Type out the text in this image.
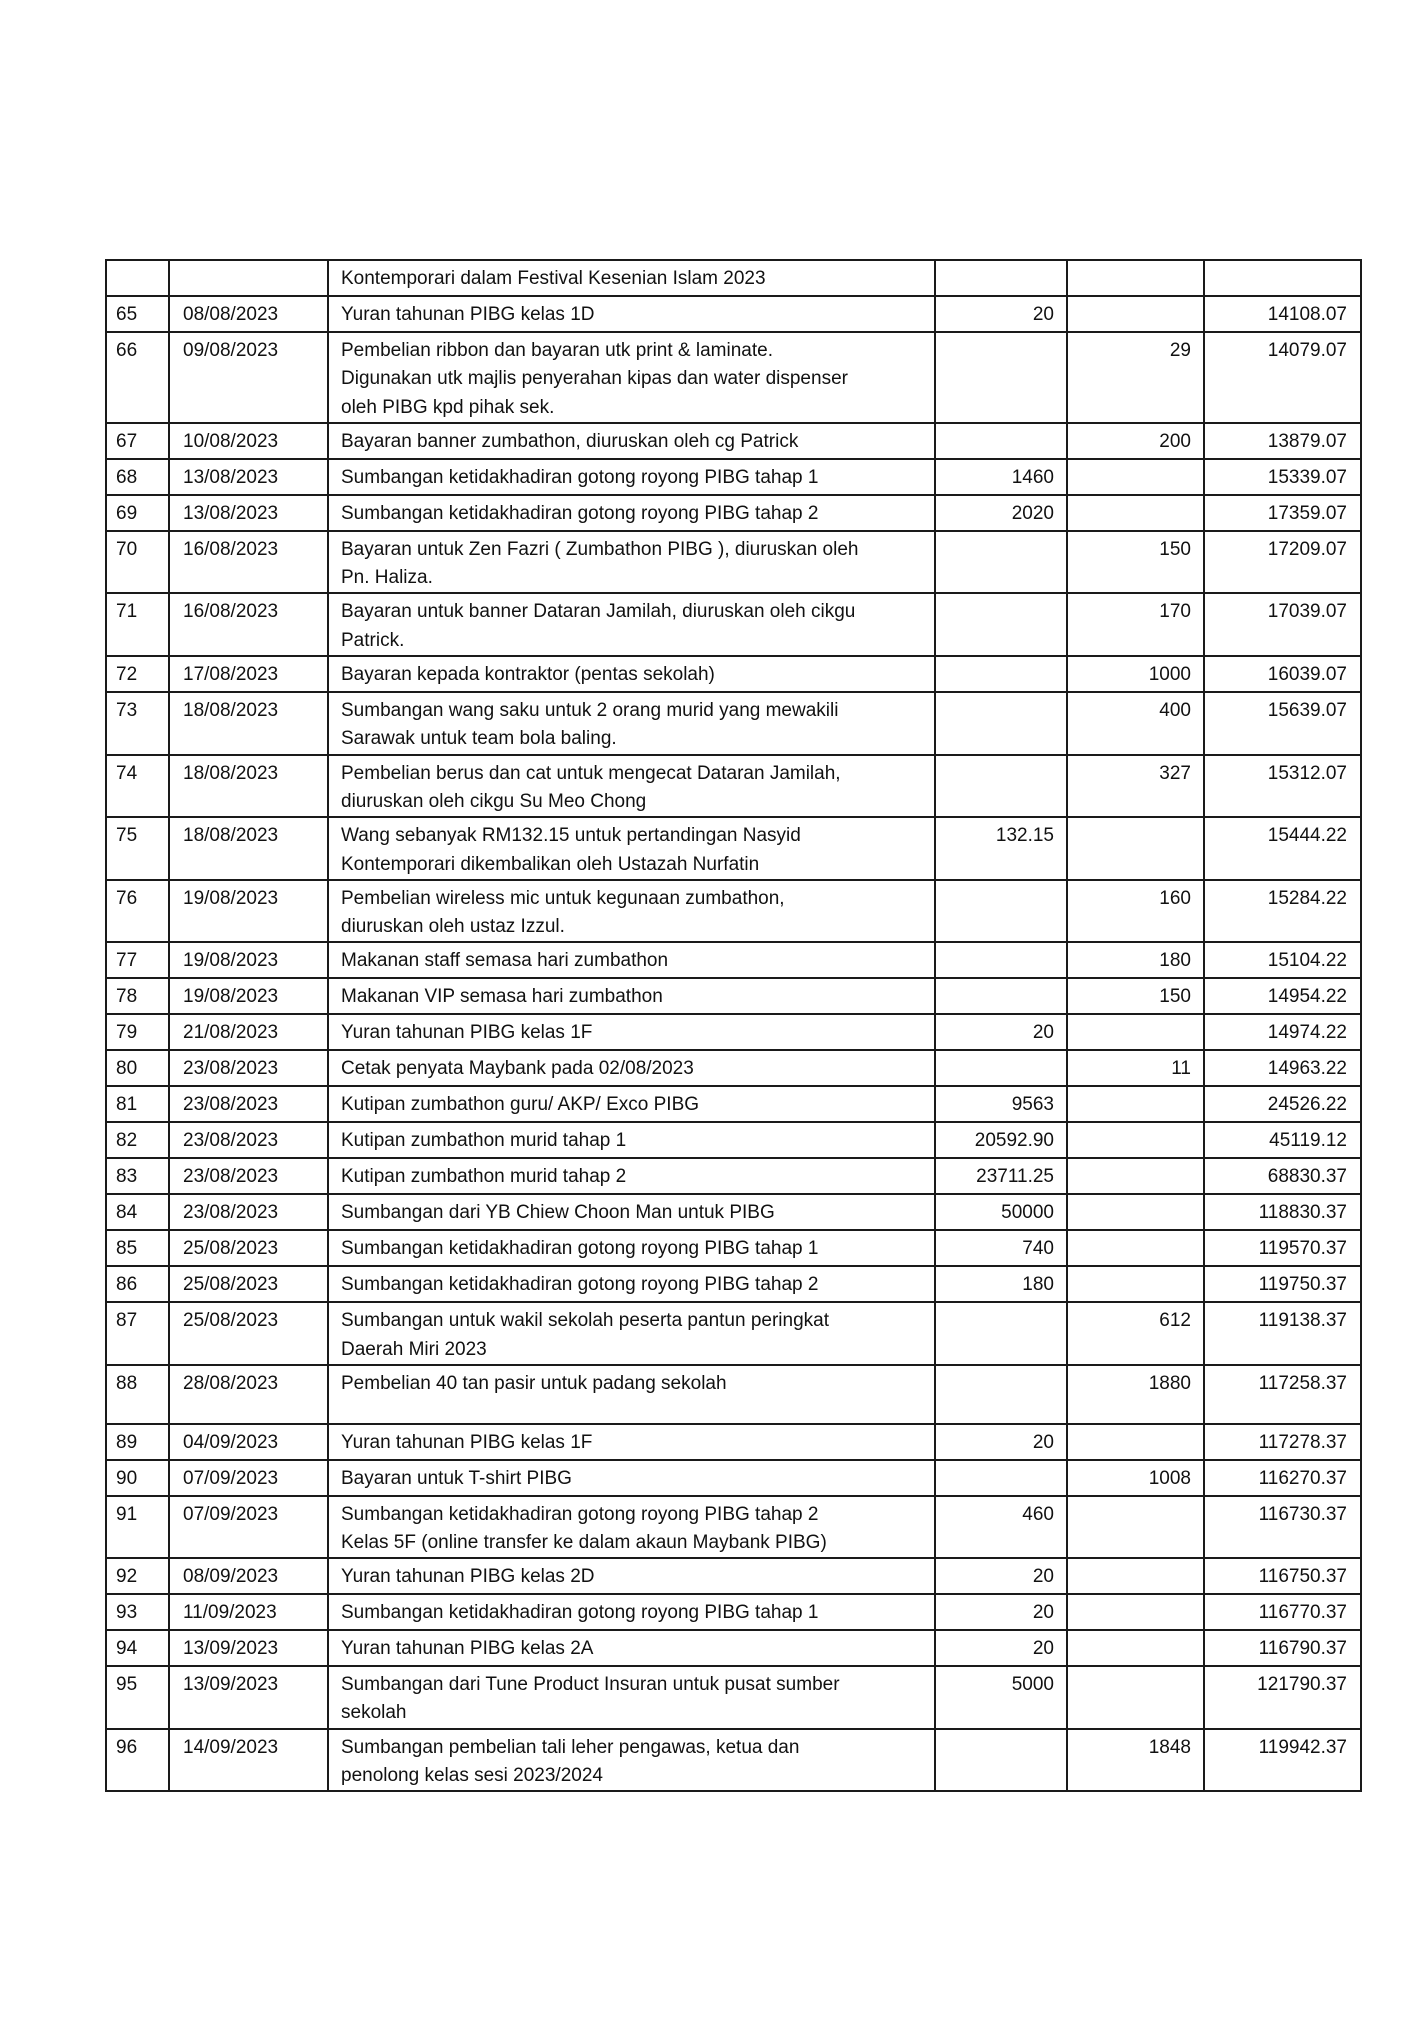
		Kontemporari dalam Festival Kesenian Islam 2023			

65	08/08/2023	Yuran tahunan PIBG kelas 1D	20		14108.07
66	09/08/2023	Pembelian ribbon dan bayaran utk print & laminate.
Digunakan utk majlis penyerahan kipas dan water dispenser
oleh PIBG kpd pihak sek.		29	14079.07
67	10/08/2023	Bayaran banner zumbathon, diuruskan oleh cg Patrick		200	13879.07
68	13/08/2023	Sumbangan ketidakhadiran gotong royong PIBG tahap 1	1460		15339.07
69	13/08/2023	Sumbangan ketidakhadiran gotong royong PIBG tahap 2	2020		17359.07
70	16/08/2023	Bayaran untuk Zen Fazri ( Zumbathon PIBG ), diuruskan oleh
Pn. Haliza.		150	17209.07
71	16/08/2023	Bayaran untuk banner Dataran Jamilah, diuruskan oleh cikgu
Patrick.		170	17039.07
72	17/08/2023	Bayaran kepada kontraktor (pentas sekolah)		1000	16039.07
73	18/08/2023	Sumbangan wang saku untuk 2 orang murid yang mewakili
Sarawak untuk team bola baling.		400	15639.07
74	18/08/2023	Pembelian berus dan cat untuk mengecat Dataran Jamilah,
diuruskan oleh cikgu Su Meo Chong		327	15312.07
75	18/08/2023	Wang sebanyak RM132.15 untuk pertandingan Nasyid
Kontemporari dikembalikan oleh Ustazah Nurfatin	132.15		15444.22
76	19/08/2023	Pembelian wireless mic untuk kegunaan zumbathon,
diuruskan oleh ustaz Izzul.		160	15284.22
77	19/08/2023	Makanan staff semasa hari zumbathon		180	15104.22
78	19/08/2023	Makanan VIP semasa hari zumbathon		150	14954.22
79	21/08/2023	Yuran tahunan PIBG kelas 1F	20		14974.22
80	23/08/2023	Cetak penyata Maybank pada 02/08/2023		11	14963.22
81	23/08/2023	Kutipan zumbathon guru/ AKP/ Exco PIBG	9563		24526.22
82	23/08/2023	Kutipan zumbathon murid tahap 1	20592.90		45119.12
83	23/08/2023	Kutipan zumbathon murid tahap 2	23711.25		68830.37
84	23/08/2023	Sumbangan dari YB Chiew Choon Man untuk PIBG	50000		118830.37
85	25/08/2023	Sumbangan ketidakhadiran gotong royong PIBG tahap 1	740		119570.37
86	25/08/2023	Sumbangan ketidakhadiran gotong royong PIBG tahap 2	180		119750.37
87	25/08/2023	Sumbangan untuk wakil sekolah peserta pantun peringkat
Daerah Miri 2023		612	119138.37
88	28/08/2023	Pembelian 40 tan pasir untuk padang sekolah		1880	117258.37
89	04/09/2023	Yuran tahunan PIBG kelas 1F	20		117278.37
90	07/09/2023	Bayaran untuk T-shirt PIBG		1008	116270.37
91	07/09/2023	Sumbangan ketidakhadiran gotong royong PIBG tahap 2
Kelas 5F (online transfer ke dalam akaun Maybank PIBG)	460		116730.37
92	08/09/2023	Yuran tahunan PIBG kelas 2D	20		116750.37
93	11/09/2023	Sumbangan ketidakhadiran gotong royong PIBG tahap 1	20		116770.37
94	13/09/2023	Yuran tahunan PIBG kelas 2A	20		116790.37
95	13/09/2023	Sumbangan dari Tune Product Insuran untuk pusat sumber
sekolah	5000		121790.37
96	14/09/2023	Sumbangan pembelian tali leher pengawas, ketua dan
penolong kelas sesi 2023/2024		1848	119942.37
